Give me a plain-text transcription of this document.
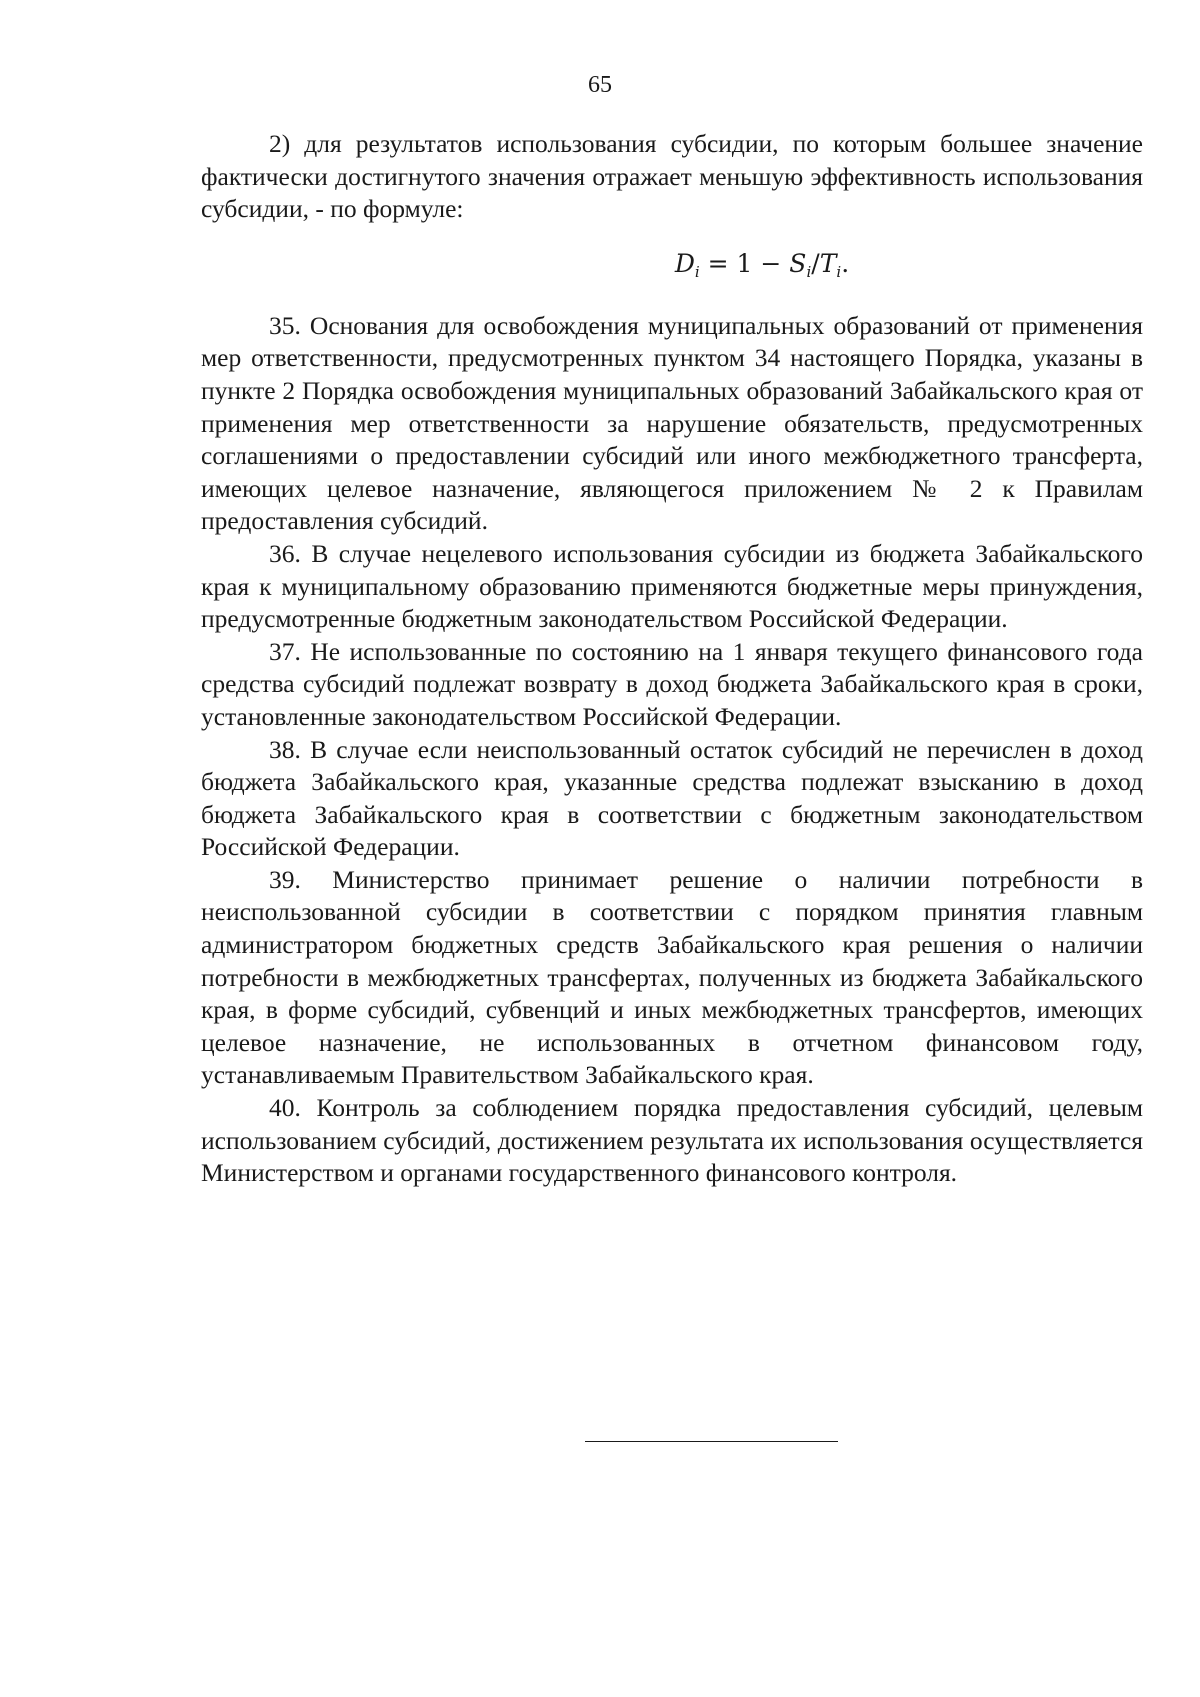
65

2) для результатов использования субсидии, по которым большее значение фактически достигнутого значения отражает меньшую эффективность использования субсидии, - по формуле:

$D_i = 1 - S_i/T_i$.

35. Основания для освобождения муниципальных образований от применения мер ответственности, предусмотренных пунктом 34 настоящего Порядка, указаны в пункте 2 Порядка освобождения муниципальных образований Забайкальского края от применения мер ответственности за нарушение обязательств, предусмотренных соглашениями о предоставлении субсидий или иного межбюджетного трансферта, имеющих целевое назначение, являющегося приложением № 2 к Правилам предоставления субсидий.

36. В случае нецелевого использования субсидии из бюджета Забайкальского края к муниципальному образованию применяются бюджетные меры принуждения, предусмотренные бюджетным законодательством Российской Федерации.

37. Не использованные по состоянию на 1 января текущего финансового года средства субсидий подлежат возврату в доход бюджета Забайкальского края в сроки, установленные законодательством Российской Федерации.

38. В случае если неиспользованный остаток субсидий не перечислен в доход бюджета Забайкальского края, указанные средства подлежат взысканию в доход бюджета Забайкальского края в соответствии с бюджетным законодательством Российской Федерации.

39. Министерство принимает решение о наличии потребности в неиспользованной субсидии в соответствии с порядком принятия главным администратором бюджетных средств Забайкальского края решения о наличии потребности в межбюджетных трансфертах, полученных из бюджета Забайкальского края, в форме субсидий, субвенций и иных межбюджетных трансфертов, имеющих целевое назначение, не использованных в отчетном финансовом году, устанавливаемым Правительством Забайкальского края.

40. Контроль за соблюдением порядка предоставления субсидий, целевым использованием субсидий, достижением результата их использования осуществляется Министерством и органами государственного финансового контроля.
